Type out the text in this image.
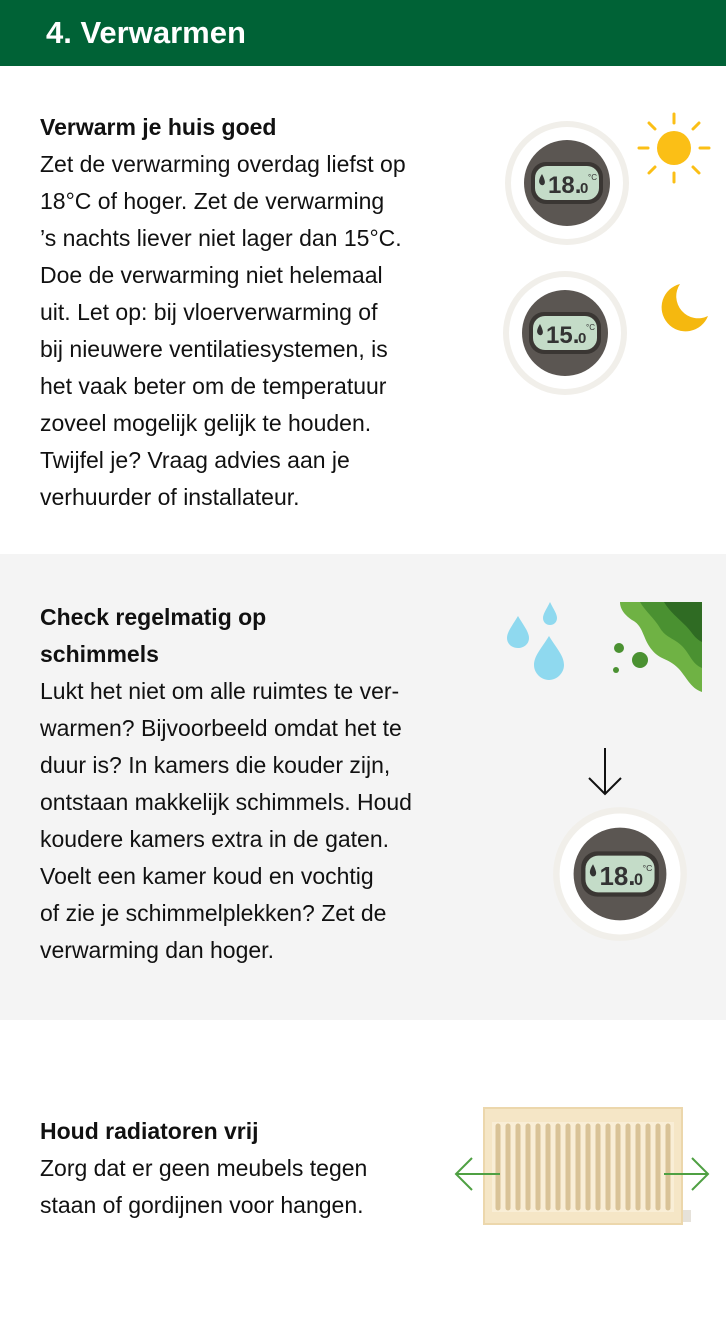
4. Verwarmen
Verwarm je huis goed
Zet de verwarming overdag liefst op
18°C of hoger. Zet de verwarming
’s nachts liever niet lager dan 15°C.
Doe de verwarming niet helemaal
uit. Let op: bij vloerverwarming of
bij nieuwere ventilatiesystemen, is
het vaak beter om de temperatuur
zoveel mogelijk gelijk te houden.
Twijfel je? Vraag advies aan je
verhuurder of installateur.
18.
0
°C
15.
0
°C
Check regelmatig op
schimmels
Lukt het niet om alle ruimtes te ver-
warmen? Bijvoorbeeld omdat het te
duur is? In kamers die kouder zijn,
ontstaan makkelijk schimmels. Houd
koudere kamers extra in de gaten.
Voelt een kamer koud en vochtig
of zie je schimmelplekken? Zet de
verwarming dan hoger.
18.
0
°C
Houd radiatoren vrij
Zorg dat er geen meubels tegen
staan of gordijnen voor hangen.
